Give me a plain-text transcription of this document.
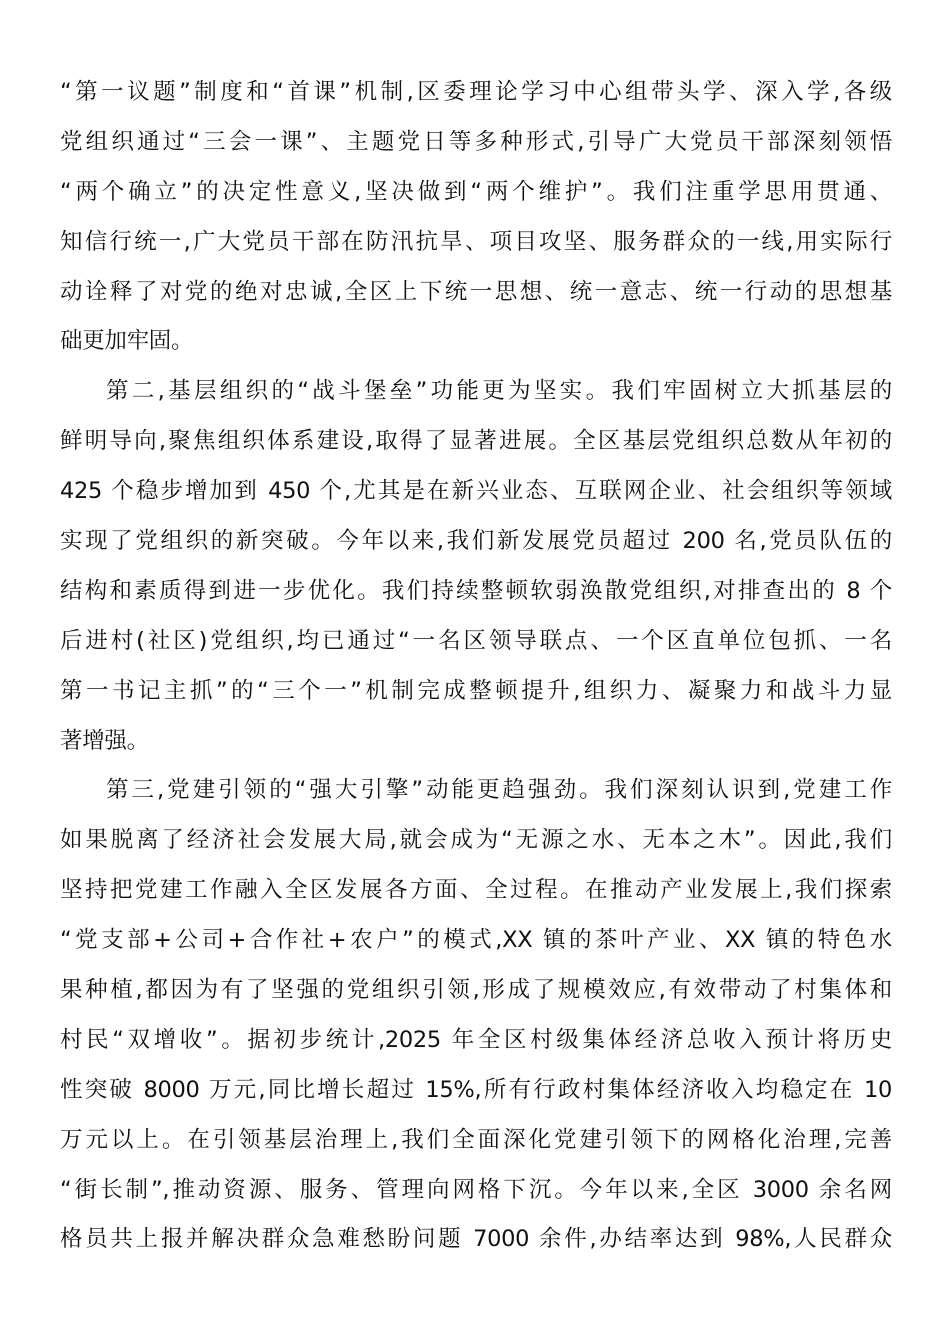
“第一议题”制度和“首课”机制,区委理论学习中心组带头学、深入学,各级
党组织通过“三会一课”、主题党日等多种形式,引导广大党员干部深刻领悟
“两个确立”的决定性意义,坚决做到“两个维护”。我们注重学思用贯通、
知信行统一,广大党员干部在防汛抗旱、项目攻坚、服务群众的一线,用实际行
动诠释了对党的绝对忠诚,全区上下统一思想、统一意志、统一行动的思想基
础更加牢固。
第二,基层组织的“战斗堡垒”功能更为坚实。我们牢固树立大抓基层的
鲜明导向,聚焦组织体系建设,取得了显著进展。全区基层党组织总数从年初的
425 个稳步增加到 450 个,尤其是在新兴业态、互联网企业、社会组织等领域
实现了党组织的新突破。今年以来,我们新发展党员超过 200 名,党员队伍的
结构和素质得到进一步优化。我们持续整顿软弱涣散党组织,对排查出的 8 个
后进村(社区)党组织,均已通过“一名区领导联点、一个区直单位包抓、一名
第一书记主抓”的“三个一”机制完成整顿提升,组织力、凝聚力和战斗力显
著增强。
第三,党建引领的“强大引擎”动能更趋强劲。我们深刻认识到,党建工作
如果脱离了经济社会发展大局,就会成为“无源之水、无本之木”。因此,我们
坚持把党建工作融入全区发展各方面、全过程。在推动产业发展上,我们探索
“党支部+公司+合作社+农户”的模式,XX 镇的茶叶产业、XX 镇的特色水
果种植,都因为有了坚强的党组织引领,形成了规模效应,有效带动了村集体和
村民“双增收”。据初步统计,2025 年全区村级集体经济总收入预计将历史
性突破 8000 万元,同比增长超过 15%,所有行政村集体经济收入均稳定在 10
万元以上。在引领基层治理上,我们全面深化党建引领下的网格化治理,完善
“街长制”,推动资源、服务、管理向网格下沉。今年以来,全区 3000 余名网
格员共上报并解决群众急难愁盼问题 7000 余件,办结率达到 98%,人民群众
